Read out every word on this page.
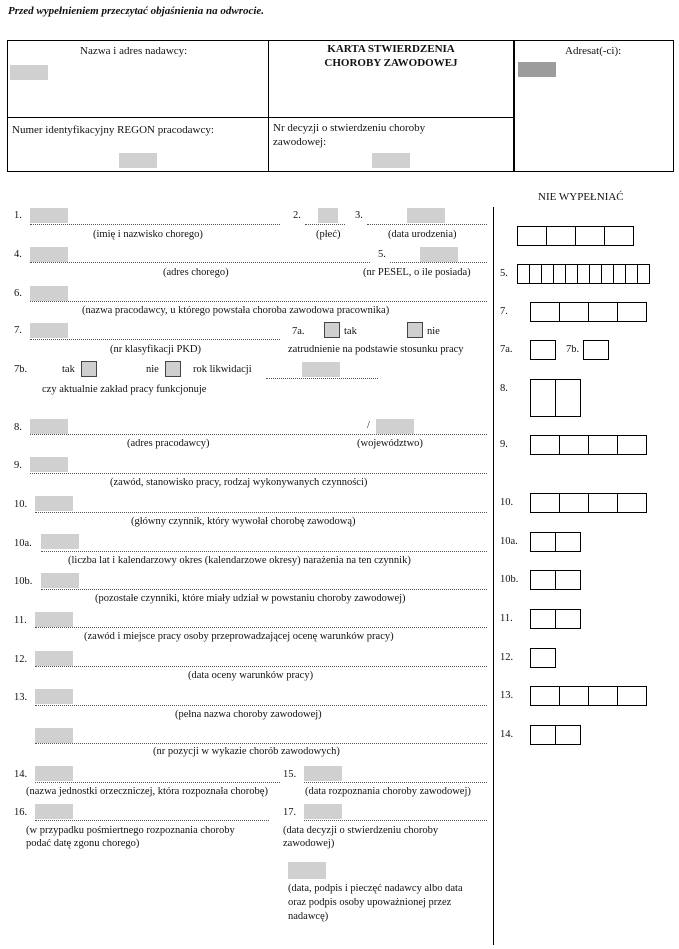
Przed wypełnieniem przeczytać objaśnienia na odwrocie.
Nazwa i adres nadawcy:	KARTA STWIERDZENIA
CHOROBY ZAWODOWEJ
Adresat(-ci):
Numer identyfikacyjny REGON pracodawcy:	Nr decyzji o stwierdzeniu choroby
zawodowej:
NIE WYPEŁNIAĆ
5.
7.
7a.	7b.
8.
9.
10.
10a.
10b.
11.
12.
13.
14.
1.
(imię i nazwisko chorego)
2.
(płeć)
3.
(data urodzenia)
4.
(adres chorego)
5.
(nr PESEL, o ile posiada)
6.
(nazwa pracodawcy, u którego powstała choroba zawodowa pracownika)
7.
(nr klasyfikacji PKD)
7a.	tak	nie
zatrudnienie na podstawie stosunku pracy
7b.	tak	nie	rok likwidacji
czy aktualnie zakład pracy funkcjonuje
8.	/
(adres pracodawcy)	(województwo)
9.
(zawód, stanowisko pracy, rodzaj wykonywanych czynności)
10.
(główny czynnik, który wywołał chorobę zawodową)
10a.
(liczba lat i kalendarzowy okres (kalendarzowe okresy) narażenia na ten czynnik)
10b.
(pozostałe czynniki, które miały udział w powstaniu choroby zawodowej)
11.
(zawód i miejsce pracy osoby przeprowadzającej ocenę warunków pracy)
12.
(data oceny warunków pracy)
13.
(pełna nazwa choroby zawodowej)
(nr pozycji w wykazie chorób zawodowych)
14.
(nazwa jednostki orzeczniczej, która rozpoznała chorobę)
15.
(data rozpoznania choroby zawodowej)
16.
(w przypadku pośmiertnego rozpoznania choroby
podać datę zgonu chorego)
17.
(data decyzji o stwierdzeniu choroby
zawodowej)
(data, podpis i pieczęć nadawcy albo data
oraz podpis osoby upoważnionej przez
nadawcę)
